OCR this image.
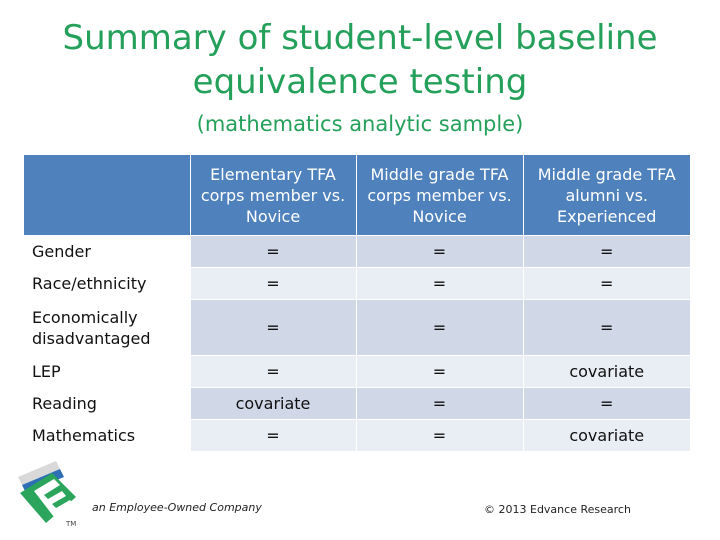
Summary of student-level baseline equivalence testing
(mathematics analytic sample)
	Elementary TFA corps member vs. Novice	Middle grade TFA corps member vs. Novice	Middle grade TFA alumni vs. Experienced
Gender	=	=	=
Race/ethnicity	=	=	=
Economically disadvantaged	=	=	=
LEP	=	=	covariate
Reading	covariate	=	=
Mathematics	=	=	covariate
TM
an Employee-Owned Company	© 2013 Edvance Research
